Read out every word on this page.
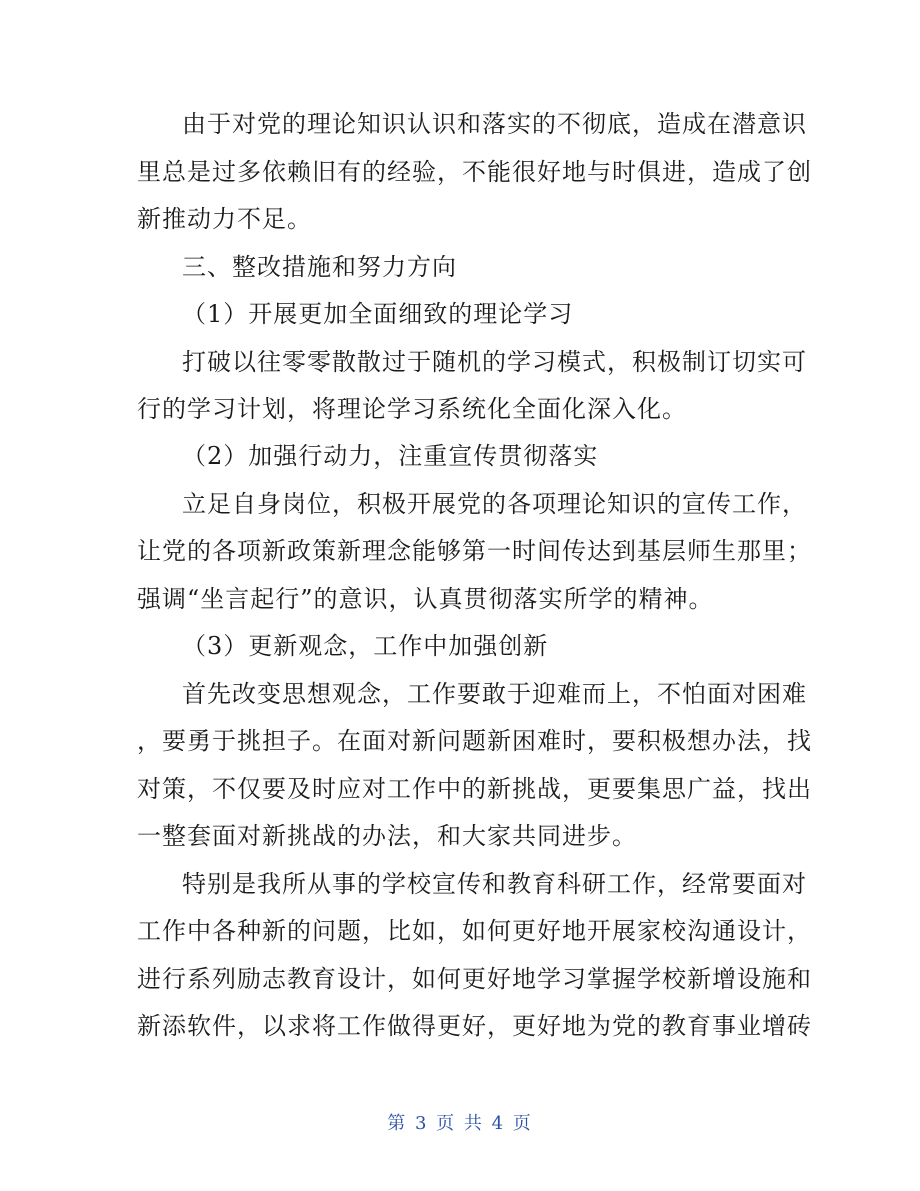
由于对党的理论知识认识和落实的不彻底，造成在潜意识
里总是过多依赖旧有的经验，不能很好地与时俱进，造成了创
新推动力不足。
三、整改措施和努力方向
（1）开展更加全面细致的理论学习
打破以往零零散散过于随机的学习模式，积极制订切实可
行的学习计划，将理论学习系统化全面化深入化。
（2）加强行动力，注重宣传贯彻落实
立足自身岗位，积极开展党的各项理论知识的宣传工作，
让党的各项新政策新理念能够第一时间传达到基层师生那里；
强调“坐言起行”的意识，认真贯彻落实所学的精神。
（3）更新观念，工作中加强创新
首先改变思想观念，工作要敢于迎难而上，不怕面对困难
，要勇于挑担子。在面对新问题新困难时，要积极想办法，找
对策，不仅要及时应对工作中的新挑战，更要集思广益，找出
一整套面对新挑战的办法，和大家共同进步。
特别是我所从事的学校宣传和教育科研工作，经常要面对
工作中各种新的问题，比如，如何更好地开展家校沟通设计，
进行系列励志教育设计，如何更好地学习掌握学校新增设施和
新添软件，以求将工作做得更好，更好地为党的教育事业增砖
第 3 页 共 4 页
